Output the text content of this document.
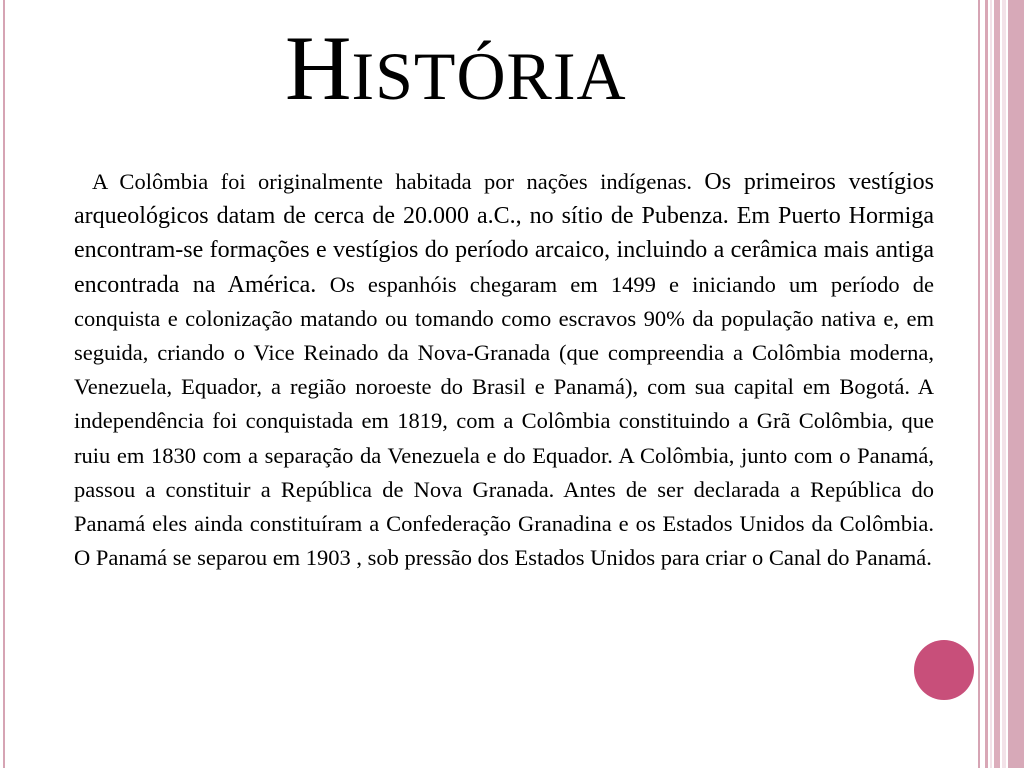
HISTÓRIA

A Colômbia foi originalmente habitada por nações indígenas. Os primeiros vestígios arqueológicos datam de cerca de 20.000 a.C., no sítio de Pubenza. Em Puerto Hormiga encontram-se formações e vestígios do período arcaico, incluindo a cerâmica mais antiga encontrada na América. Os espanhóis chegaram em 1499 e iniciando um período de conquista e colonização matando ou tomando como escravos 90% da população nativa e, em seguida, criando o Vice Reinado da Nova-Granada (que compreendia a Colômbia moderna, Venezuela, Equador, a região noroeste do Brasil e Panamá), com sua capital em Bogotá. A independência foi conquistada em 1819, com a Colômbia constituindo a Grã Colômbia, que ruiu em 1830 com a separação da Venezuela e do Equador. A Colômbia, junto com o Panamá, passou a constituir a República de Nova Granada. Antes de ser declarada a República do Panamá eles ainda constituíram a Confederação Granadina e os Estados Unidos da Colômbia. O Panamá se separou em 1903 , sob pressão dos Estados Unidos para criar o Canal do Panamá.
